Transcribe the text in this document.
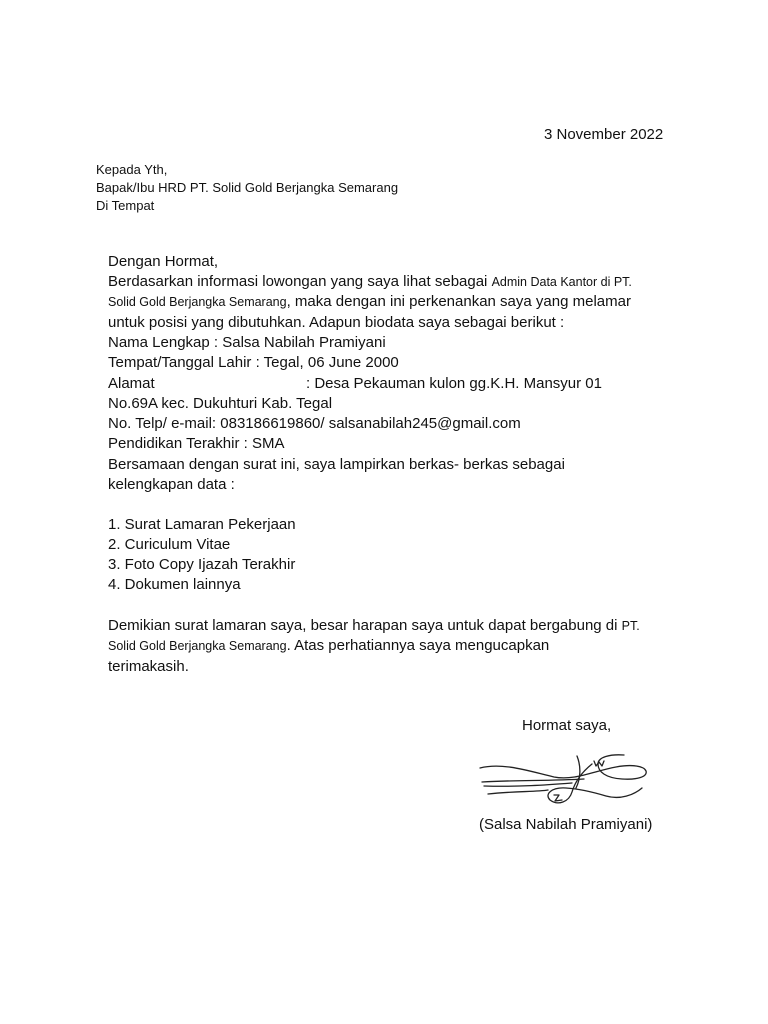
3 November 2022
Kepada Yth,
Bapak/Ibu HRD PT. Solid Gold Berjangka Semarang
Di Tempat
Dengan Hormat,
Berdasarkan informasi lowongan yang saya lihat sebagai Admin Data Kantor di PT.
Solid Gold Berjangka Semarang, maka dengan ini perkenankan saya yang melamar
untuk posisi yang dibutuhkan. Adapun biodata saya sebagai berikut :
Nama Lengkap : Salsa Nabilah Pramiyani
Tempat/Tanggal Lahir : Tegal, 06 June 2000
Alamat	: Desa Pekauman kulon gg.K.H. Mansyur 01
No.69A kec. Dukuhturi Kab. Tegal
No. Telp/ e-mail: 083186619860/ salsanabilah245@gmail.com
Pendidikan Terakhir : SMA
Bersamaan dengan surat ini, saya lampirkan berkas- berkas sebagai
kelengkapan data :
1. Surat Lamaran Pekerjaan
2. Curiculum Vitae
3. Foto Copy Ijazah Terakhir
4. Dokumen lainnya
Demikian surat lamaran saya, besar harapan saya untuk dapat bergabung di PT.
Solid Gold Berjangka Semarang. Atas perhatiannya saya mengucapkan
terimakasih.
Hormat saya,
(Salsa Nabilah Pramiyani)
